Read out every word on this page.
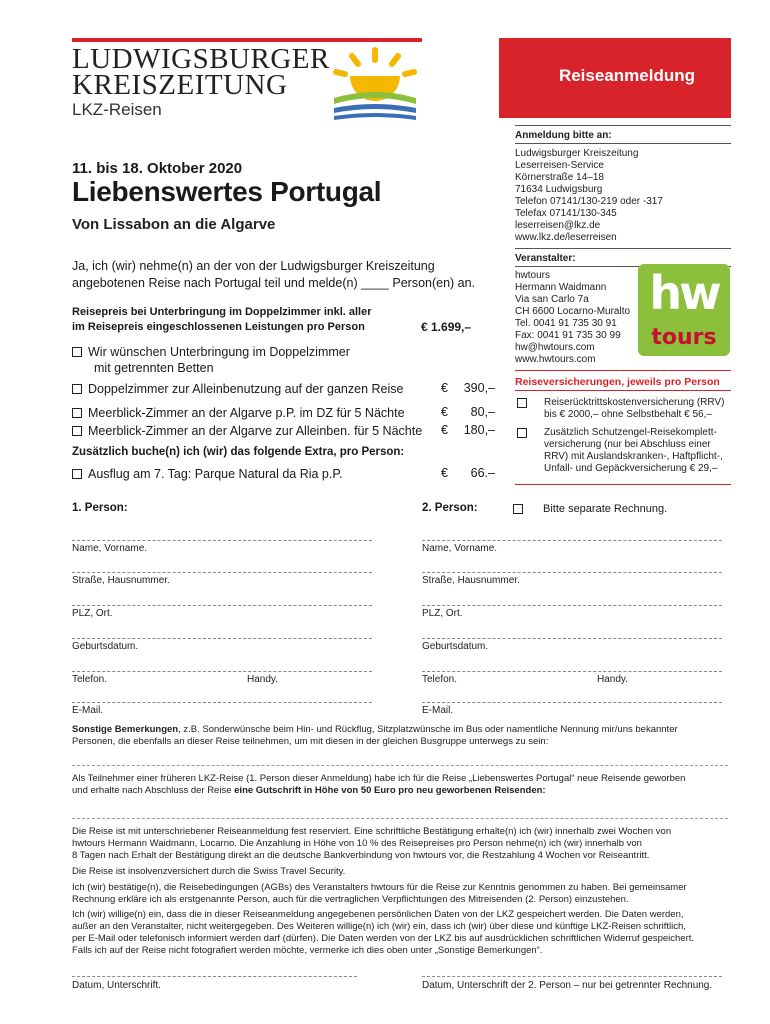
LUDWIGSBURGER
KREISZEITUNG
LKZ-Reisen
Reiseanmeldung
Anmeldung bitte an:
Ludwigsburger Kreiszeitung
Leserreisen-Service
Körnerstraße 14–18
71634 Ludwigsburg
Telefon 07141/130-219 oder -317
Telefax 07141/130-345
leserreisen@lkz.de
www.lkz.de/leserreisen
Veranstalter:
hwtours
Hermann Waidmann
Via san Carlo 7a
CH 6600 Locarno-Muralto
Tel. 0041 91 735 30 91
Fax: 0041 91 735 30 99
hw@hwtours.com
www.hwtours.com
hw
tours
Reiseversicherungen, jeweils pro Person
Reiserücktrittskostenversicherung (RRV)
bis € 2000,– ohne Selbstbehalt € 56,–
Zusätzlich Schutzengel-Reisekomplett-
versicherung (nur bei Abschluss einer
RRV) mit Auslandskranken-, Haftpflicht-,
Unfall- und Gepäckversicherung € 29,–
11. bis 18. Oktober 2020
Liebenswertes Portugal
Von Lissabon an die Algarve
Ja, ich (wir) nehme(n) an der von der Ludwigsburger Kreiszeitung
angebotenen Reise nach Portugal teil und melde(n) ____ Person(en) an.
Reisepreis bei Unterbringung im Doppelzimmer inkl. aller
im Reisepreis eingeschlossenen Leistungen pro Person	€ 1.699,–
Wir wünschen Unterbringung im Doppelzimmer
mit getrennten Betten
Doppelzimmer zur Alleinbenutzung auf der ganzen Reise	€	390,–
Meerblick-Zimmer an der Algarve p.P. im DZ für 5 Nächte	€	80,–
Meerblick-Zimmer an der Algarve zur Alleinben. für 5 Nächte €	180,–
Zusätzlich buche(n) ich (wir) das folgende Extra, pro Person:
Ausflug am 7. Tag: Parque Natural da Ria p.P.	€	66.–
1. Person:	2. Person:	Bitte separate Rechnung.
Name, Vorname.
Straße, Hausnummer.
PLZ, Ort.
Geburtsdatum.
Telefon.	Handy.
E-Mail.
Name, Vorname.
Straße, Hausnummer.
PLZ, Ort.
Geburtsdatum.
Telefon.	Handy.
E-Mail.
Sonstige Bemerkungen, z.B. Sonderwünsche beim Hin- und Rückflug, Sitzplatzwünsche im Bus oder namentliche Nennung mir/uns bekannter
Personen, die ebenfalls an dieser Reise teilnehmen, um mit diesen in der gleichen Busgruppe unterwegs zu sein:
Als Teilnehmer einer früheren LKZ-Reise (1. Person dieser Anmeldung) habe ich für die Reise „Liebenswertes Portugal“ neue Reisende geworben
und erhalte nach Abschluss der Reise eine Gutschrift in Höhe von 50 Euro pro neu geworbenen Reisenden:
Die Reise ist mit unterschriebener Reiseanmeldung fest reserviert. Eine schriftliche Bestätigung erhalte(n) ich (wir) innerhalb zwei Wochen von
hwtours Hermann Waidmann, Locarno. Die Anzahlung in Höhe von 10 % des Reisepreises pro Person nehme(n) ich (wir) innerhalb von
8 Tagen nach Erhalt der Bestätigung direkt an die deutsche Bankverbindung von hwtours vor, die Restzahlung 4 Wochen vor Reiseantritt.
Die Reise ist insolvenzversichert durch die Swiss Travel Security.
Ich (wir) bestätige(n), die Reisebedingungen (AGBs) des Veranstalters hwtours für die Reise zur Kenntnis genommen zu haben. Bei gemeinsamer
Rechnung erkläre ich als erstgenannte Person, auch für die vertraglichen Verpflichtungen des Mitreisenden (2. Person) einzustehen.
Ich (wir) willige(n) ein, dass die in dieser Reiseanmeldung angegebenen persönlichen Daten von der LKZ gespeichert werden. Die Daten werden,
außer an den Veranstalter, nicht weitergegeben. Des Weiteren willige(n) ich (wir) ein, dass ich (wir) über diese und künftige LKZ-Reisen schriftlich,
per E-Mail oder telefonisch informiert werden darf (dürfen). Die Daten werden von der LKZ bis auf ausdrücklichen schriftlichen Widerruf gespeichert.
Falls ich auf der Reise nicht fotografiert werden möchte, vermerke ich dies oben unter „Sonstige Bemerkungen“.
Datum, Unterschrift.	Datum, Unterschrift der 2. Person – nur bei getrennter Rechnung.
